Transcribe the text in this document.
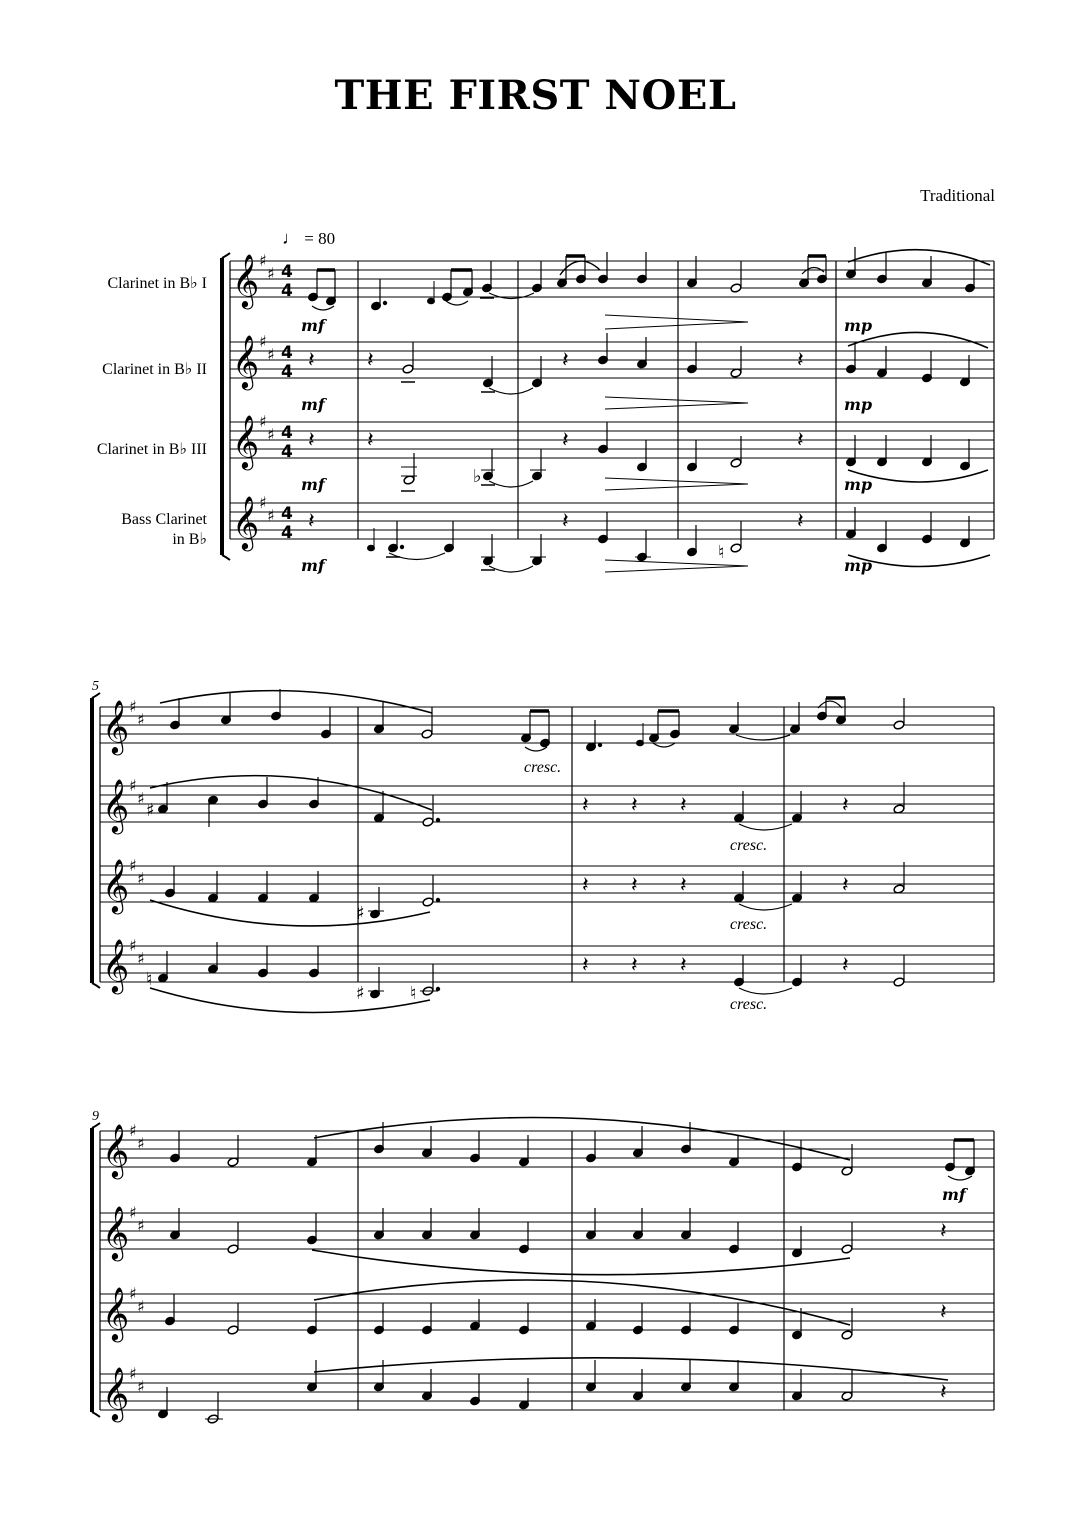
THE FIRST NOEL
Traditional
♩ = 80
Clarinet in B♭ I
Clarinet in B♭ II
Clarinet in B♭ III
Bass Clarinet
in B♭
𝄞
𝄞
𝄞
𝄞
♯
♯
♯
♯
♯
♯
♯
♯
4
4
4
4
4
4
4
4
𝄽 𝄽	𝄽	𝄽
𝄽 𝄽
♭
𝄽	𝄽
𝄽	𝄽
♮
𝄽
mf
mf
mf
mf
mp
mp
mp
mp
5
𝄞
𝄞
𝄞
𝄞
♯
♯
♯
♯
♯
♯
♯
♯
♯	𝄽 𝄽 𝄽	𝄽
♯
𝄽 𝄽 𝄽	𝄽
♮
♯	♮
𝄽 𝄽 𝄽	𝄽
cresc.
cresc.
cresc.
cresc.
9
𝄞
𝄞
𝄞
𝄞
♯
♯
♯
♯
♯
♯
♯
♯
𝄽
𝄽
𝄽
mf
